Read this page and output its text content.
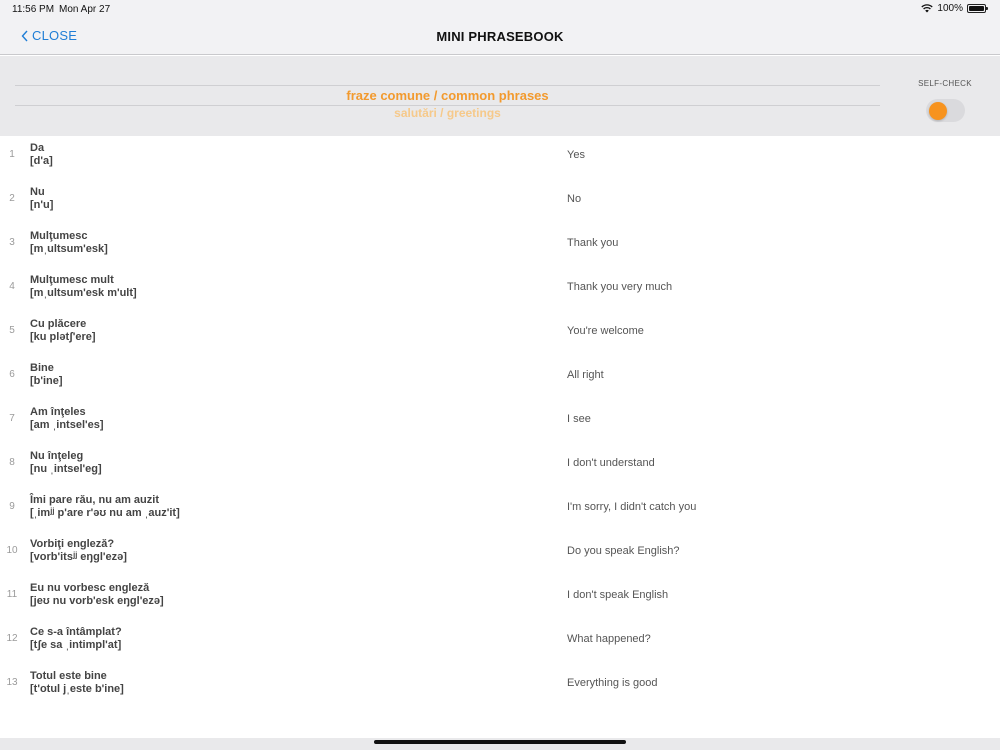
11:56 PM Mon Apr 27	100%
CLOSE	MINI PHRASEBOOK
fraze comune / common phrases
salutări / greetings
SELF-CHECK
1
Da
[d'a]	Yes
2
Nu
[n'u]	No
3
Mulţumesc
[mˌultsum'esk]	Thank you
4
Mulţumesc mult
[mˌultsum'esk m'ult]	Thank you very much
5
Cu plăcere
[ku plətʃ'ere]	You're welcome
6
Bine
[b'ine]	All right
7
Am înţeles
[am ˌintsel'es]	I see
8
Nu înţeleg
[nu ˌintsel'eg]	I don't understand
9
Îmi pare rău, nu am auzit
[ˌimʲʲ p'are r'əʊ nu am ˌauz'it]	I'm sorry, I didn't catch you
10
Vorbiţi engleză?
[vorb'itsʲʲ eŋgl'ezə]	Do you speak English?
11
Eu nu vorbesc engleză
[jeʊ nu vorb'esk eŋgl'ezə]	I don't speak English
12
Ce s-a întâmplat?
[tʃe sa ˌintimpl'at]	What happened?
13
Totul este bine
[t'otul jˌeste b'ine]	Everything is good
